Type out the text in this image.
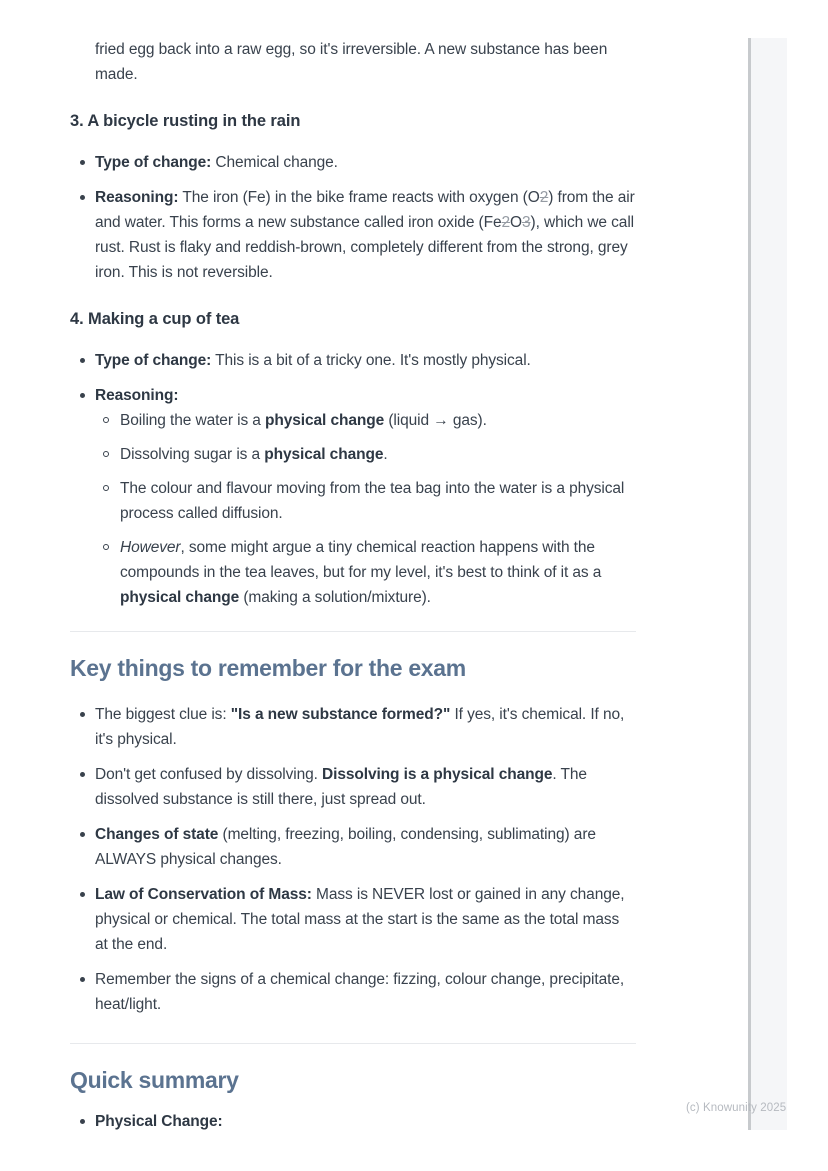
fried egg back into a raw egg, so it's irreversible. A new substance has been made.

3. A bicycle rusting in the rain
Type of change: Chemical change.
Reasoning: The iron (Fe) in the bike frame reacts with oxygen (O2) from the air and water. This forms a new substance called iron oxide (Fe2O3), which we call rust. Rust is flaky and reddish-brown, completely different from the strong, grey iron. This is not reversible.
4. Making a cup of tea
Type of change: This is a bit of a tricky one. It's mostly physical.
Reasoning:
Boiling the water is a physical change (liquid → gas).
Dissolving sugar is a physical change.
The colour and flavour moving from the tea bag into the water is a physical process called diffusion.
However, some might argue a tiny chemical reaction happens with the compounds in the tea leaves, but for my level, it's best to think of it as a physical change (making a solution/mixture).
Key things to remember for the exam
The biggest clue is: "Is a new substance formed?" If yes, it's chemical. If no, it's physical.
Don't get confused by dissolving. Dissolving is a physical change. The dissolved substance is still there, just spread out.
Changes of state (melting, freezing, boiling, condensing, sublimating) are ALWAYS physical changes.
Law of Conservation of Mass: Mass is NEVER lost or gained in any change, physical or chemical. The total mass at the start is the same as the total mass at the end.
Remember the signs of a chemical change: fizzing, colour change, precipitate, heat/light.
Quick summary
Physical Change:
(c) Knowunity 2025
